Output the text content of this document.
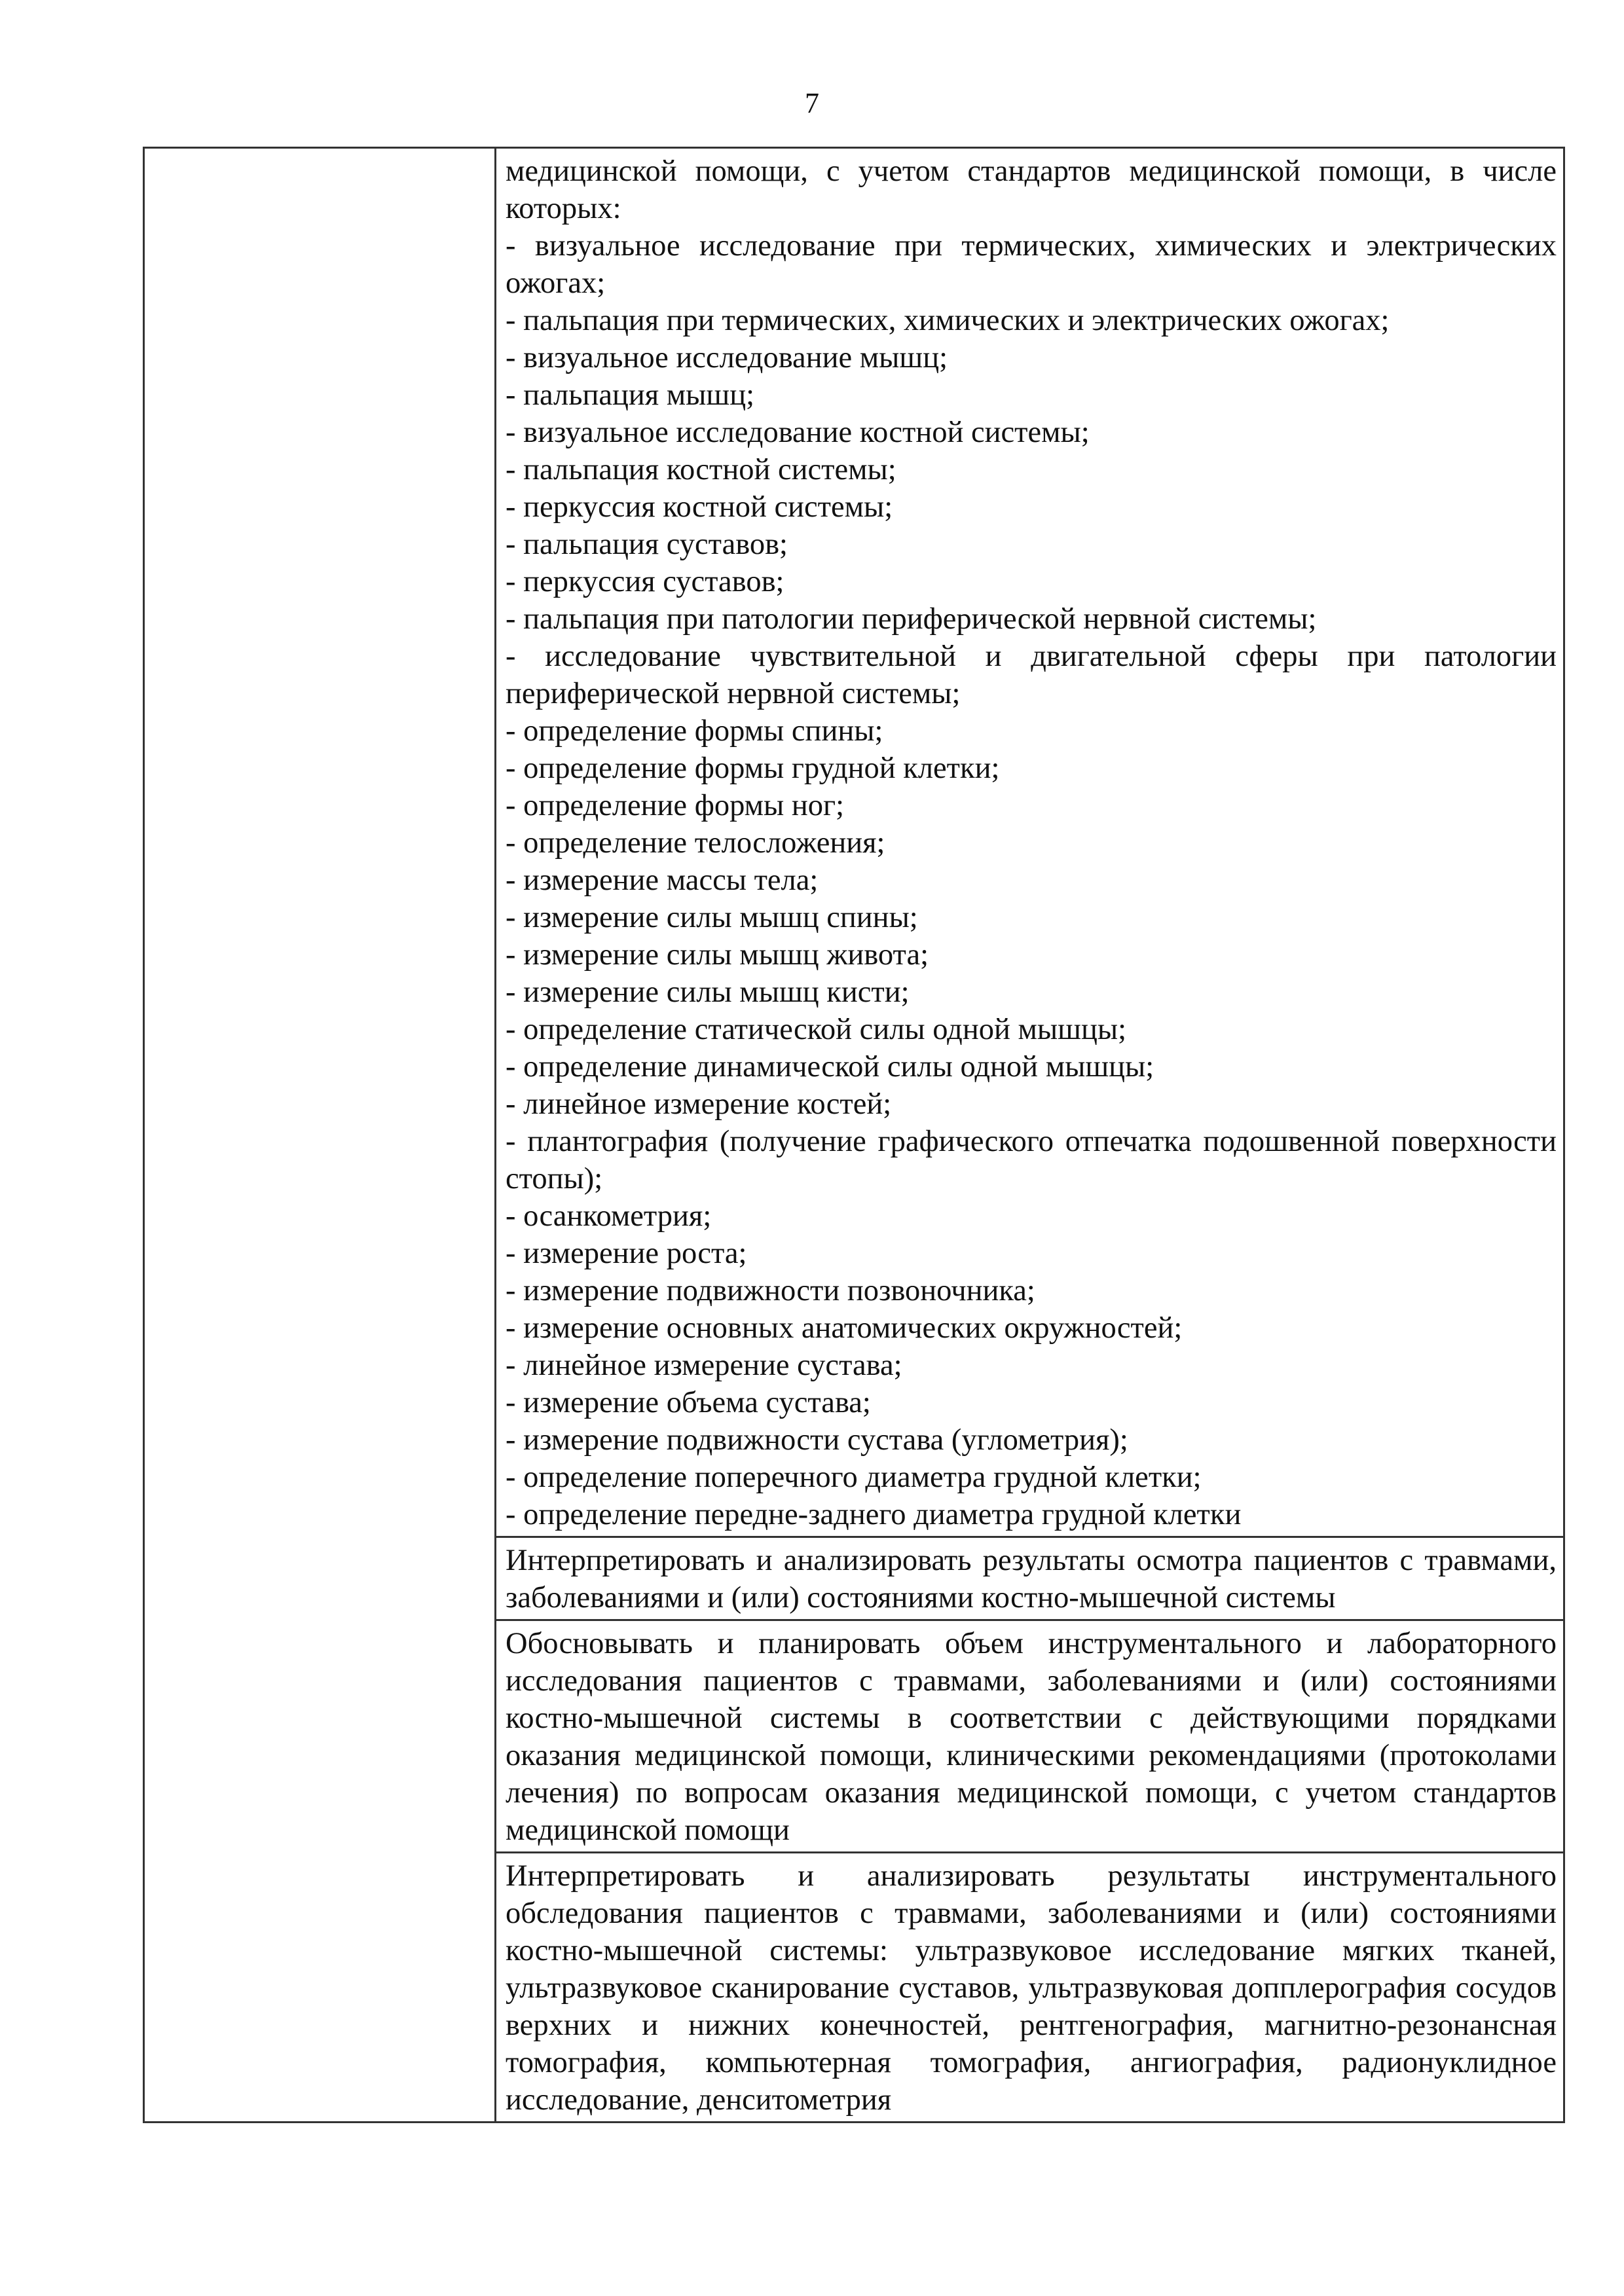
7

медицинской помощи, с учетом стандартов медицинской помощи, в числе которых:
- визуальное исследование при термических, химических и электрических ожогах;
- пальпация при термических, химических и электрических ожогах;
- визуальное исследование мышц;
- пальпация мышц;
- визуальное исследование костной системы;
- пальпация костной системы;
- перкуссия костной системы;
- пальпация суставов;
- перкуссия суставов;
- пальпация при патологии периферической нервной системы;
- исследование чувствительной и двигательной сферы при патологии периферической нервной системы;
- определение формы спины;
- определение формы грудной клетки;
- определение формы ног;
- определение телосложения;
- измерение массы тела;
- измерение силы мышц спины;
- измерение силы мышц живота;
- измерение силы мышц кисти;
- определение статической силы одной мышцы;
- определение динамической силы одной мышцы;
- линейное измерение костей;
- плантография (получение графического отпечатка подошвенной поверхности стопы);
- осанкометрия;
- измерение роста;
- измерение подвижности позвоночника;
- измерение основных анатомических окружностей;
- линейное измерение сустава;
- измерение объема сустава;
- измерение подвижности сустава (углометрия);
- определение поперечного диаметра грудной клетки;
- определение передне-заднего диаметра грудной клетки

Интерпретировать и анализировать результаты осмотра пациентов с травмами, заболеваниями и (или) состояниями костно-мышечной системы
Обосновывать и планировать объем инструментального и лабораторного исследования пациентов с травмами, заболеваниями и (или) состояниями костно-мышечной системы в соответствии с действующими порядками оказания медицинской помощи, клиническими рекомендациями (протоколами лечения) по вопросам оказания медицинской помощи, с учетом стандартов медицинской помощи
Интерпретировать и анализировать результаты инструментального обследования пациентов с травмами, заболеваниями и (или) состояниями костно-мышечной системы: ультразвуковое исследование мягких тканей, ультразвуковое сканирование суставов, ультразвуковая допплерография сосудов верхних и нижних конечностей, рентгенография, магнитно-резонансная томография, компьютерная томография, ангиография, радионуклидное исследование, денситометрия
